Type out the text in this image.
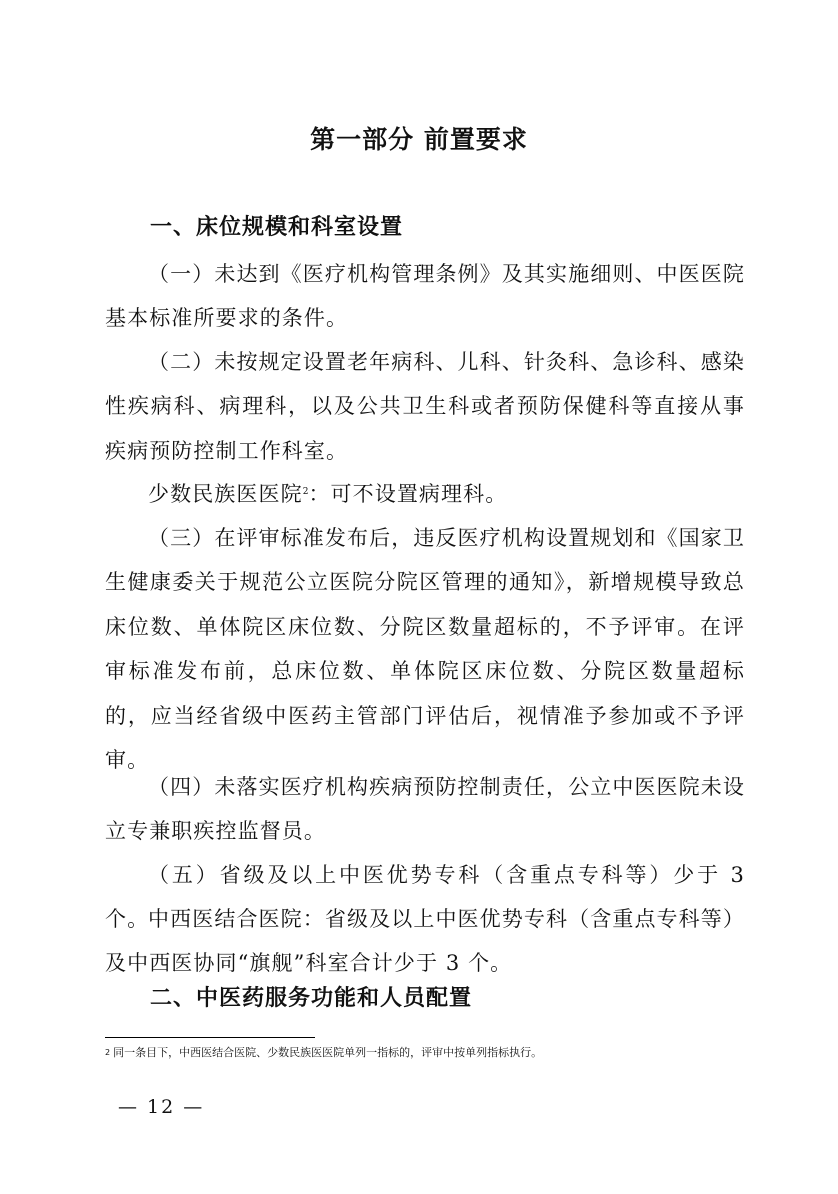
第一部分 前置要求
一、床位规模和科室设置
（一）未达到《医疗机构管理条例》及其实施细则、中医医院基本标准所要求的条件。
（二）未按规定设置老年病科、儿科、针灸科、急诊科、感染性疾病科、病理科，以及公共卫生科或者预防保健科等直接从事疾病预防控制工作科室。
少数民族医医院$^2$：可不设置病理科。
（三）在评审标准发布后，违反医疗机构设置规划和《国家卫生健康委关于规范公立医院分院区管理的通知》，新增规模导致总床位数、单体院区床位数、分院区数量超标的，不予评审。在评审标准发布前，总床位数、单体院区床位数、分院区数量超标的，应当经省级中医药主管部门评估后，视情准予参加或不予评审。
（四）未落实医疗机构疾病预防控制责任，公立中医医院未设立专兼职疾控监督员。
（五）省级及以上中医优势专科（含重点专科等）少于 3 个。
中西医结合医院：省级及以上中医优势专科（含重点专科等）及中西医协同“旗舰”科室合计少于 3 个。
二、中医药服务功能和人员配置
$^2$ 同一条目下，中西医结合医院、少数民族医医院单列一指标的，评审中按单列指标执行。
— 12 —
